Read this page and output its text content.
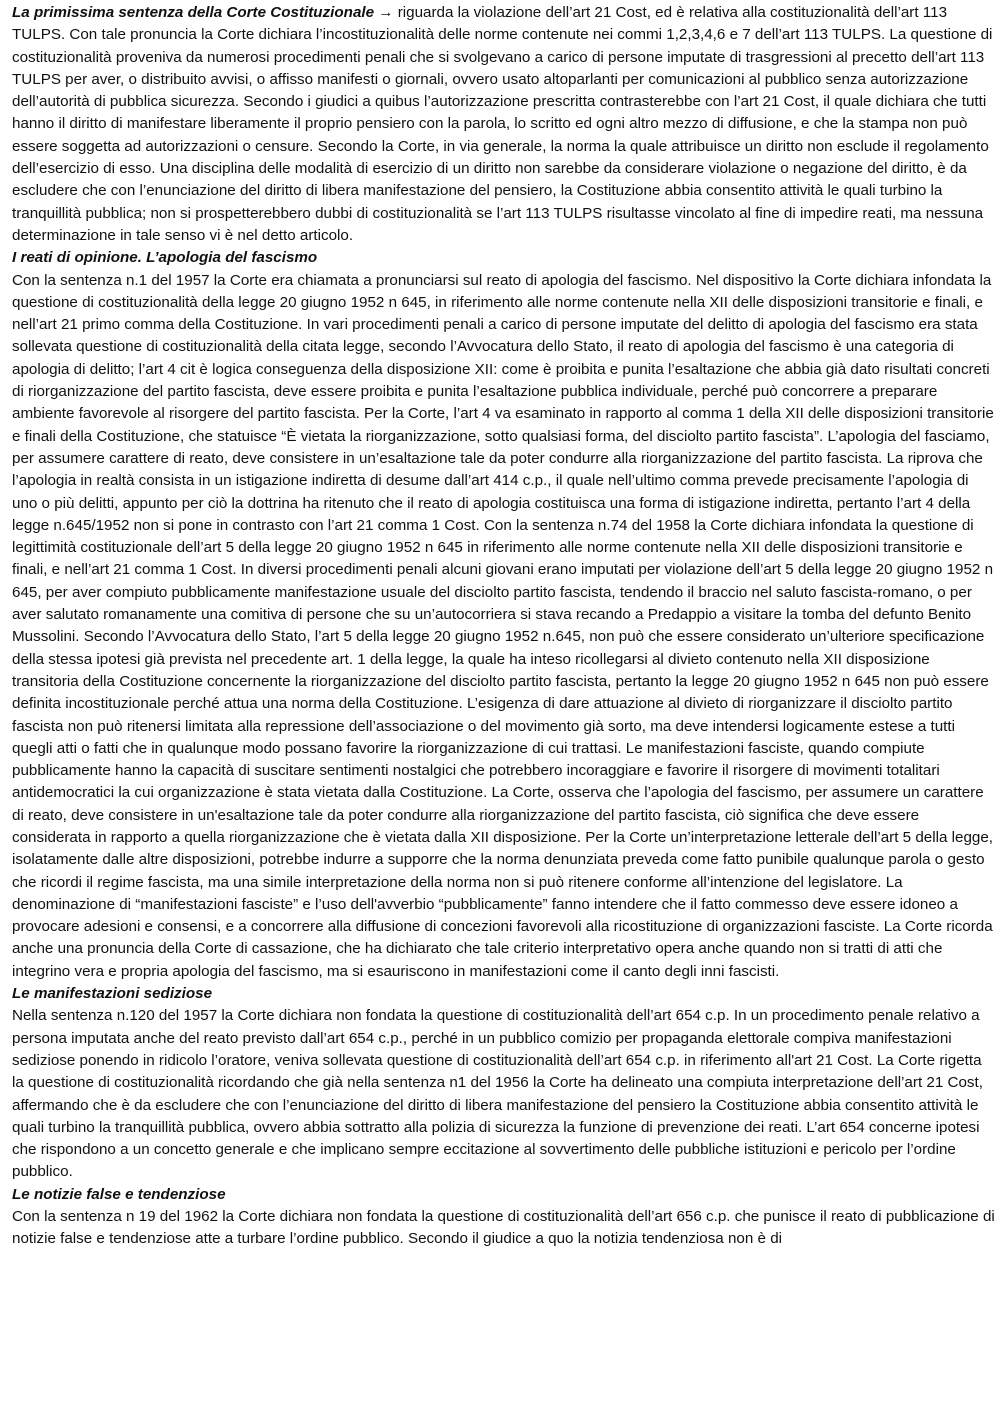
La primissima sentenza della Corte Costituzionale → riguarda la violazione dell’art 21 Cost, ed è relativa alla costituzionalità dell’art 113 TULPS. Con tale pronuncia la Corte dichiara l’incostituzionalità delle norme contenute nei commi 1,2,3,4,6 e 7 dell’art 113 TULPS. La questione di costituzionalità proveniva da numerosi procedimenti penali che si svolgevano a carico di persone imputate di trasgressioni al precetto dell’art 113 TULPS per aver, o distribuito avvisi, o affisso manifesti o giornali, ovvero usato altoparlanti per comunicazioni al pubblico senza autorizzazione dell’autorità di pubblica sicurezza. Secondo i giudici a quibus l’autorizzazione prescritta contrasterebbe con l’art 21 Cost, il quale dichiara che tutti hanno il diritto di manifestare liberamente il proprio pensiero con la parola, lo scritto ed ogni altro mezzo di diffusione, e che la stampa non può essere soggetta ad autorizzazioni o censure. Secondo la Corte, in via generale, la norma la quale attribuisce un diritto non esclude il regolamento dell’esercizio di esso. Una disciplina delle modalità di esercizio di un diritto non sarebbe da considerare violazione o negazione del diritto, è da escludere che con l’enunciazione del diritto di libera manifestazione del pensiero, la Costituzione abbia consentito attività le quali turbino la tranquillità pubblica; non si prospetterebbero dubbi di costituzionalità se l’art 113 TULPS risultasse vincolato al fine di impedire reati, ma nessuna determinazione in tale senso vi è nel detto articolo.

I reati di opinione. L’apologia del fascismo

Con la sentenza n.1 del 1957 la Corte era chiamata a pronunciarsi sul reato di apologia del fascismo. Nel dispositivo la Corte dichiara infondata la questione di costituzionalità della legge 20 giugno 1952 n 645, in riferimento alle norme contenute nella XII delle disposizioni transitorie e finali, e nell’art 21 primo comma della Costituzione. In vari procedimenti penali a carico di persone imputate del delitto di apologia del fascismo era stata sollevata questione di costituzionalità della citata legge, secondo l’Avvocatura dello Stato, il reato di apologia del fascismo è una categoria di apologia di delitto; l’art 4 cit è logica conseguenza della disposizione XII: come è proibita e punita l’esaltazione che abbia già dato risultati concreti di riorganizzazione del partito fascista, deve essere proibita e punita l’esaltazione pubblica individuale, perché può concorrere a preparare ambiente favorevole al risorgere del partito fascista. Per la Corte, l’art 4 va esaminato in rapporto al comma 1 della XII delle disposizioni transitorie e finali della Costituzione, che statuisce “È vietata la riorganizzazione, sotto qualsiasi forma, del disciolto partito fascista”. L’apologia del fasciamo, per assumere carattere di reato, deve consistere in un’esaltazione tale da poter condurre alla riorganizzazione del partito fascista. La riprova che l’apologia in realtà consista in un istigazione indiretta di desume dall’art 414 c.p., il quale nell’ultimo comma prevede precisamente l’apologia di uno o più delitti, appunto per ciò la dottrina ha ritenuto che il reato di apologia costituisca una forma di istigazione indiretta, pertanto l’art 4 della legge n.645/1952 non si pone in contrasto con l’art 21 comma 1 Cost. Con la sentenza n.74 del 1958 la Corte dichiara infondata la questione di legittimità costituzionale dell’art 5 della legge 20 giugno 1952 n 645 in riferimento alle norme contenute nella XII delle disposizioni transitorie e finali, e nell’art 21 comma 1 Cost. In diversi procedimenti penali alcuni giovani erano imputati per violazione dell’art 5 della legge 20 giugno 1952 n 645, per aver compiuto pubblicamente manifestazione usuale del disciolto partito fascista, tendendo il braccio nel saluto fascista-romano, o per aver salutato romanamente una comitiva di persone che su un’autocorriera si stava recando a Predappio a visitare la tomba del defunto Benito Mussolini. Secondo l’Avvocatura dello Stato, l’art 5 della legge 20 giugno 1952 n.645, non può che essere considerato un’ulteriore specificazione della stessa ipotesi già prevista nel precedente art. 1 della legge, la quale ha inteso ricollegarsi al divieto contenuto nella XII disposizione transitoria della Costituzione concernente la riorganizzazione del disciolto partito fascista, pertanto la legge 20 giugno 1952 n 645 non può essere definita incostituzionale perché attua una norma della Costituzione. L’esigenza di dare attuazione al divieto di riorganizzare il disciolto partito fascista non può ritenersi limitata alla repressione dell’associazione o del movimento già sorto, ma deve intendersi logicamente estese a tutti quegli atti o fatti che in qualunque modo possano favorire la riorganizzazione di cui trattasi. Le manifestazioni fasciste, quando compiute pubblicamente hanno la capacità di suscitare sentimenti nostalgici che potrebbero incoraggiare e favorire il risorgere di movimenti totalitari antidemocratici la cui organizzazione è stata vietata dalla Costituzione. La Corte, osserva che l’apologia del fascismo, per assumere un carattere di reato, deve consistere in un'esaltazione tale da poter condurre alla riorganizzazione del partito fascista, ciò significa che deve essere considerata in rapporto a quella riorganizzazione che è vietata dalla XII disposizione. Per la Corte un’interpretazione letterale dell’art 5 della legge, isolatamente dalle altre disposizioni, potrebbe indurre a supporre che la norma denunziata preveda come fatto punibile qualunque parola o gesto che ricordi il regime fascista, ma una simile interpretazione della norma non si può ritenere conforme all’intenzione del legislatore. La denominazione di “manifestazioni fasciste” e l’uso dell'avverbio “pubblicamente” fanno intendere che il fatto commesso deve essere idoneo a provocare adesioni e consensi, e a concorrere alla diffusione di concezioni favorevoli alla ricostituzione di organizzazioni fasciste. La Corte ricorda anche una pronuncia della Corte di cassazione, che ha dichiarato che tale criterio interpretativo opera anche quando non si tratti di atti che integrino vera e propria apologia del fascismo, ma si esauriscono in manifestazioni come il canto degli inni fascisti.

Le manifestazioni sediziose

Nella sentenza n.120 del 1957 la Corte dichiara non fondata la questione di costituzionalità dell’art 654 c.p. In un procedimento penale relativo a persona imputata anche del reato previsto dall’art 654 c.p., perché in un pubblico comizio per propaganda elettorale compiva manifestazioni sediziose ponendo in ridicolo l’oratore, veniva sollevata questione di costituzionalità dell’art 654 c.p. in riferimento all'art 21 Cost. La Corte rigetta la questione di costituzionalità ricordando che già nella sentenza n1 del 1956 la Corte ha delineato una compiuta interpretazione dell’art 21 Cost, affermando che è da escludere che con l’enunciazione del diritto di libera manifestazione del pensiero la Costituzione abbia consentito attività le quali turbino la tranquillità pubblica, ovvero abbia sottratto alla polizia di sicurezza la funzione di prevenzione dei reati. L’art 654 concerne ipotesi che rispondono a un concetto generale e che implicano sempre eccitazione al sovvertimento delle pubbliche istituzioni e pericolo per l’ordine pubblico.

Le notizie false e tendenziose

Con la sentenza n 19 del 1962 la Corte dichiara non fondata la questione di costituzionalità dell’art 656 c.p. che punisce il reato di pubblicazione di notizie false e tendenziose atte a turbare l’ordine pubblico. Secondo il giudice a quo la notizia tendenziosa non è di
